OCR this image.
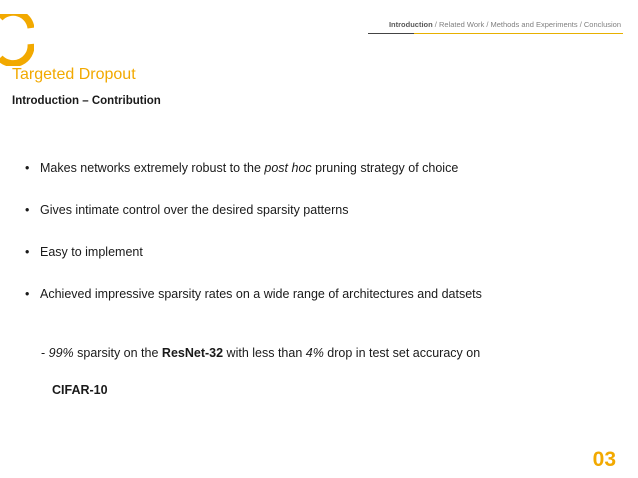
Introduction / Related Work / Methods and Experiments / Conclusion
Targeted Dropout
Introduction – Contribution
• Makes networks extremely robust to the post hoc pruning strategy of choice
• Gives intimate control over the desired sparsity patterns
• Easy to implement
• Achieved impressive sparsity rates on a wide range of architectures and datsets
- 99% sparsity on the ResNet-32 with less than 4% drop in test set accuracy on
CIFAR-10
03
